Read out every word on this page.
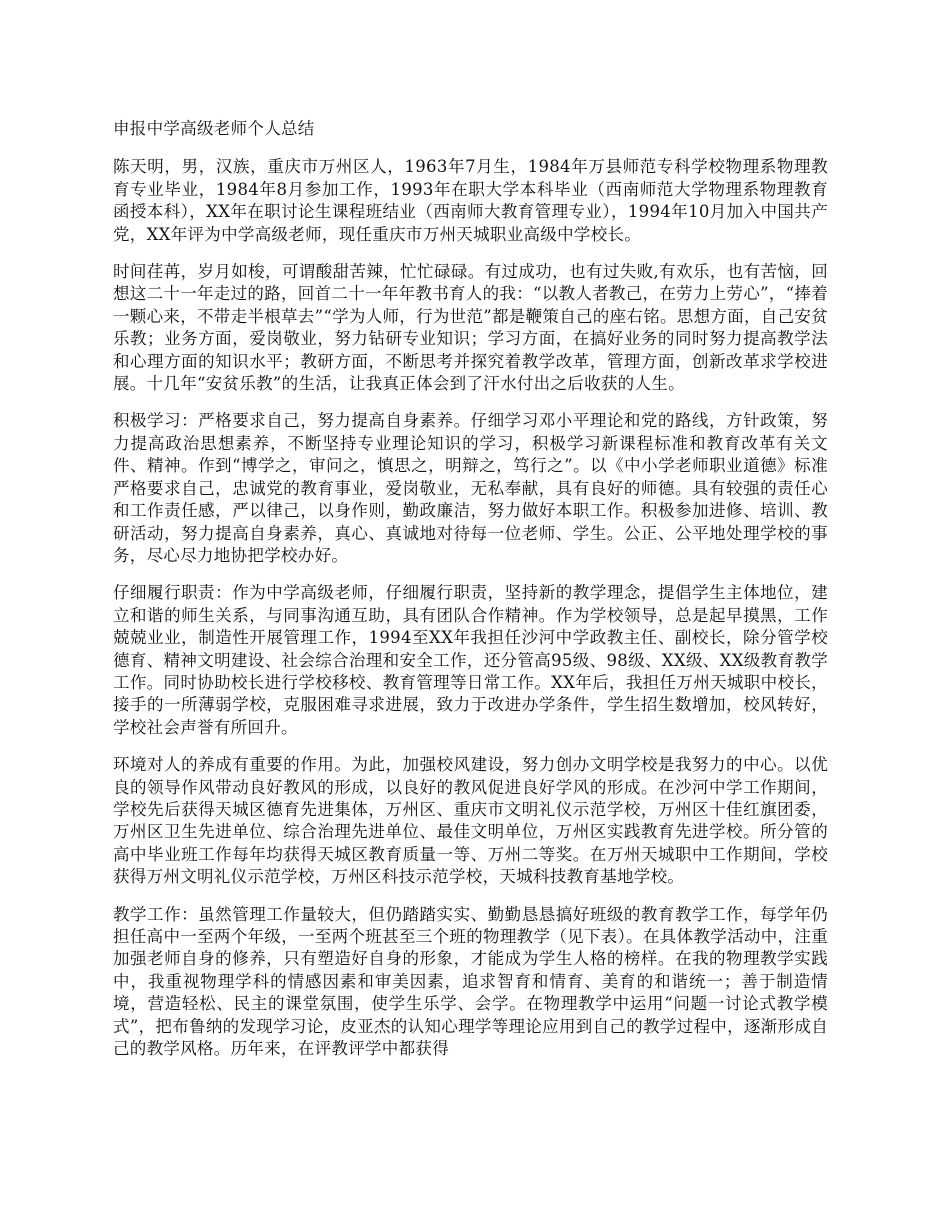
申报中学高级老师个人总结

陈天明，男，汉族，重庆市万州区人，1963年7月生，1984年万县师范专科学校物理系物理教育专业毕业，1984年8月参加工作，1993年在职大学本科毕业（西南师范大学物理系物理教育函授本科），XX年在职讨论生课程班结业（西南师大教育管理专业），1994年10月加入中国共产党，XX年评为中学高级老师，现任重庆市万州天城职业高级中学校长。

时间荏苒，岁月如梭，可谓酸甜苦辣，忙忙碌碌。有过成功，也有过失败,有欢乐，也有苦恼，回想这二十一年走过的路，回首二十一年年教书育人的我：“以教人者教己，在劳力上劳心”，“捧着一颗心来，不带走半根草去”“学为人师，行为世范”都是鞭策自己的座右铭。思想方面，自己安贫乐教；业务方面，爱岗敬业，努力钻研专业知识；学习方面，在搞好业务的同时努力提高教学法和心理方面的知识水平；教研方面，不断思考并探究着教学改革，管理方面，创新改革求学校进展。十几年“安贫乐教”的生活，让我真正体会到了汗水付出之后收获的人生。

积极学习：严格要求自己，努力提高自身素养。仔细学习邓小平理论和党的路线，方针政策，努力提高政治思想素养，不断坚持专业理论知识的学习，积极学习新课程标准和教育改革有关文件、精神。作到“博学之，审问之，慎思之，明辩之，笃行之”。以《中小学老师职业道德》标准严格要求自己，忠诚党的教育事业，爱岗敬业，无私奉献，具有良好的师德。具有较强的责任心和工作责任感，严以律己，以身作则，勤政廉洁，努力做好本职工作。积极参加进修、培训、教研活动，努力提高自身素养，真心、真诚地对待每一位老师、学生。公正、公平地处理学校的事务，尽心尽力地协把学校办好。

仔细履行职责：作为中学高级老师，仔细履行职责，坚持新的教学理念，提倡学生主体地位，建立和谐的师生关系，与同事沟通互助，具有团队合作精神。作为学校领导，总是起早摸黑，工作兢兢业业，制造性开展管理工作，1994至XX年我担任沙河中学政教主任、副校长，除分管学校德育、精神文明建设、社会综合治理和安全工作，还分管高95级、98级、XX级、XX级教育教学工作。同时协助校长进行学校移校、教育管理等日常工作。XX年后，我担任万州天城职中校长，接手的一所薄弱学校，克服困难寻求进展，致力于改进办学条件，学生招生数增加，校风转好，学校社会声誉有所回升。

环境对人的养成有重要的作用。为此，加强校风建设，努力创办文明学校是我努力的中心。以优良的领导作风带动良好教风的形成，以良好的教风促进良好学风的形成。在沙河中学工作期间，学校先后获得天城区德育先进集体，万州区、重庆市文明礼仪示范学校，万州区十佳红旗团委，万州区卫生先进单位、综合治理先进单位、最佳文明单位，万州区实践教育先进学校。所分管的高中毕业班工作每年均获得天城区教育质量一等、万州二等奖。在万州天城职中工作期间，学校获得万州文明礼仪示范学校，万州区科技示范学校，天城科技教育基地学校。

教学工作：虽然管理工作量较大，但仍踏踏实实、勤勤恳恳搞好班级的教育教学工作，每学年仍担任高中一至两个年级，一至两个班甚至三个班的物理教学（见下表）。在具体教学活动中，注重加强老师自身的修养，只有塑造好自身的形象，才能成为学生人格的榜样。在我的物理教学实践中，我重视物理学科的情感因素和审美因素，追求智育和情育、美育的和谐统一；善于制造情境，营造轻松、民主的课堂氛围，使学生乐学、会学。在物理教学中运用“问题一讨论式教学模式”，把布鲁纳的发现学习论，皮亚杰的认知心理学等理论应用到自己的教学过程中，逐渐形成自己的教学风格。历年来，在评教评学中都获得
